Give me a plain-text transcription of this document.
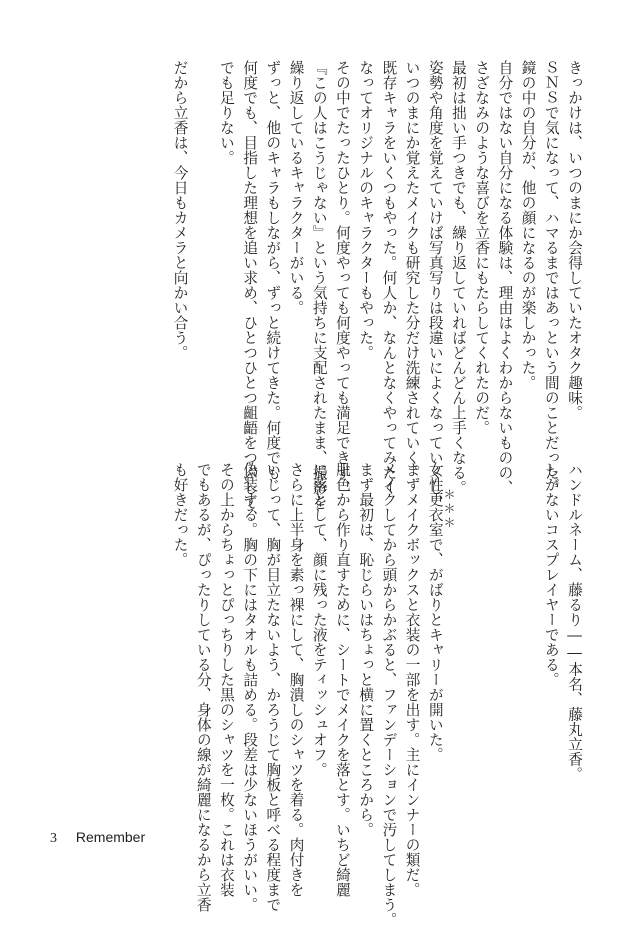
きっかけは、いつのまにか会得していたオタク趣味。

ＳＮＳで気になって、ハマるまではあっという間のことだった。

鏡の中の自分が、他の顔になるのが楽しかった。

自分ではない自分になる体験は、理由はよくわからないものの、

さざなみのような喜びを立香にもたらしてくれたのだ。

最初は拙い手つきでも、繰り返していればどんどん上手くなる。

姿勢や角度を覚えていけば写真写りは段違いによくなっていくし、

いつのまにか覚えたメイクも研究した分だけ洗練されていく。

既存キャラをいくつもやった。何人か、なんとなくやってみたく

なってオリジナルのキャラクターもやった。

その中でたったひとり。何度やっても何度やっても満足できず、

『この人はこうじゃない』という気持ちに支配されたまま、撮影を

繰り返しているキャラクターがいる。

ずっと、他のキャラもしながら、ずっと続けてきた。何度でも

何度でも、目指した理想を追い求め、ひとつひとつ齟齬をつぶして、

でも足りない。

だから立香は、今日もカメラと向かい合う。

ハンドルネーム、藤るり――本名、藤丸立香。

しがないコスプレイヤーである。

女性更衣室で、がばりとキャリーが開いた。

まずメイクボックスと衣装の一部を出す。主にインナーの類だ。

メイクしてから頭からかぶると、ファンデーションで汚してしまう。

まず最初は、恥じらいはちょっと横に置くところから。

肌色から作り直すために、シートでメイクを落とす。いちど綺麗

に落として、顔に残った液をティッシュオフ。

さらに上半身を素っ裸にして、胸潰しのシャツを着る。肉付きを

いじって、胸が目立たないよう、かろうじて胸板と呼べる程度まで

偽装する。胸の下にはタオルも詰める。段差は少ないほうがいい。

その上からちょっとぴっちりした黒のシャツを一枚。これは衣装

でもあるが、ぴったりしている分、身体の線が綺麗になるから立香

も好きだった。	＊＊＊
3 Remember
